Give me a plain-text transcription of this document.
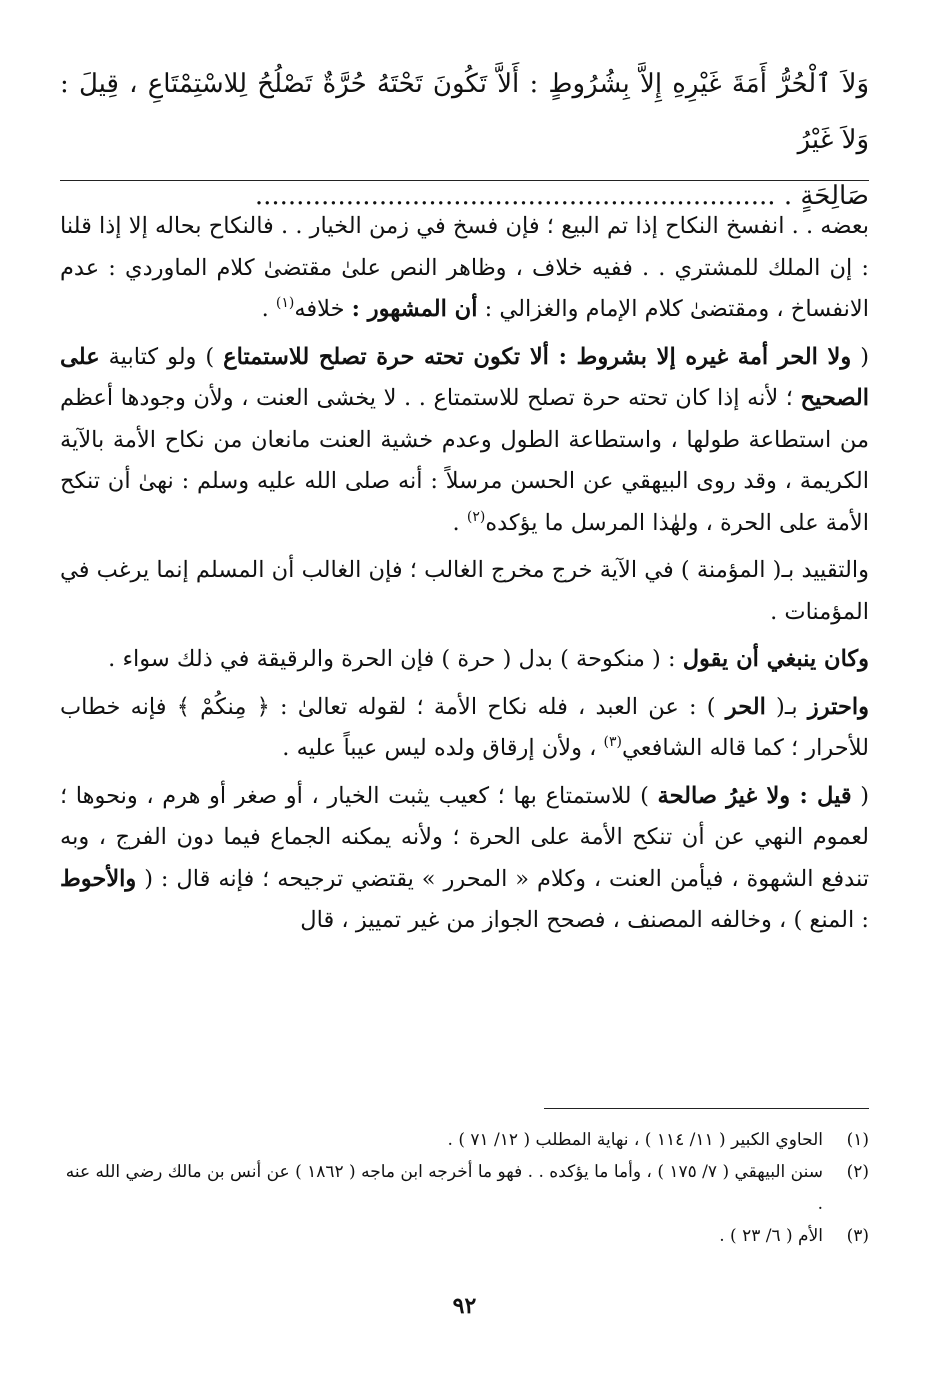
وَلاَ ٱلْحُرُّ أَمَةَ غَيْرِهِ إِلاَّ بِشُرُوطٍ : أَلاَّ تَكُونَ تَحْتَهُ حُرَّةٌ تَصْلُحُ لِلاسْتِمْتَاعِ ، قِيلَ : وَلاَ غَيْرُ
صَالِحَةٍ . ...............................................................

بعضه . . انفسخ النكاح إذا تم البيع ؛ فإن فسخ في زمن الخيار . . فالنكاح بحاله إلا إذا قلنا : إن الملك للمشتري . . ففيه خلاف ، وظاهر النص علىٰ مقتضىٰ كلام الماوردي : عدم الانفساخ ، ومقتضىٰ كلام الإمام والغزالي : أن المشهور : خلافه$^{(١)}$ .

( ولا الحر أمة غيره إلا بشروط : ألا تكون تحته حرة تصلح للاستمتاع ) ولو كتابية على الصحيح ؛ لأنه إذا كان تحته حرة تصلح للاستمتاع . . لا يخشى العنت ، ولأن وجودها أعظم من استطاعة طولها ، واستطاعة الطول وعدم خشية العنت مانعان من نكاح الأمة بالآية الكريمة ، وقد روى البيهقي عن الحسن مرسلاً : أنه صلى الله عليه وسلم : نهىٰ أن تنكح الأمة على الحرة ، ولهٰذا المرسل ما يؤكده$^{(٢)}$ .

والتقييد بـ( المؤمنة ) في الآية خرج مخرج الغالب ؛ فإن الغالب أن المسلم إنما يرغب في المؤمنات .

وكان ينبغي أن يقول : ( منكوحة ) بدل ( حرة ) فإن الحرة والرقيقة في ذلك سواء .

واحترز بـ( الحر ) : عن العبد ، فله نكاح الأمة ؛ لقوله تعالىٰ : ﴿ مِنكُمْ ﴾ فإنه خطاب للأحرار ؛ كما قاله الشافعي$^{(٣)}$ ، ولأن إرقاق ولده ليس عيباً عليه .

( قيل : ولا غيرُ صالحة ) للاستمتاع بها ؛ كعيب يثبت الخيار ، أو صغر أو هرم ، ونحوها ؛ لعموم النهي عن أن تنكح الأمة على الحرة ؛ ولأنه يمكنه الجماع فيما دون الفرج ، وبه تندفع الشهوة ، فيأمن العنت ، وكلام « المحرر » يقتضي ترجيحه ؛ فإنه قال : ( والأحوط : المنع ) ، وخالفه المصنف ، فصحح الجواز من غير تمييز ، قال

(١)
الحاوي الكبير ( ١١/ ١١٤ ) ، نهاية المطلب ( ١٢/ ٧١ ) .
(٢)
سنن البيهقي ( ٧/ ١٧٥ ) ، وأما ما يؤكده . . فهو ما أخرجه ابن ماجه ( ١٨٦٢ ) عن أنس بن مالك رضي الله عنه .
(٣)
الأم ( ٦/ ٢٣ ) .
٩٢
